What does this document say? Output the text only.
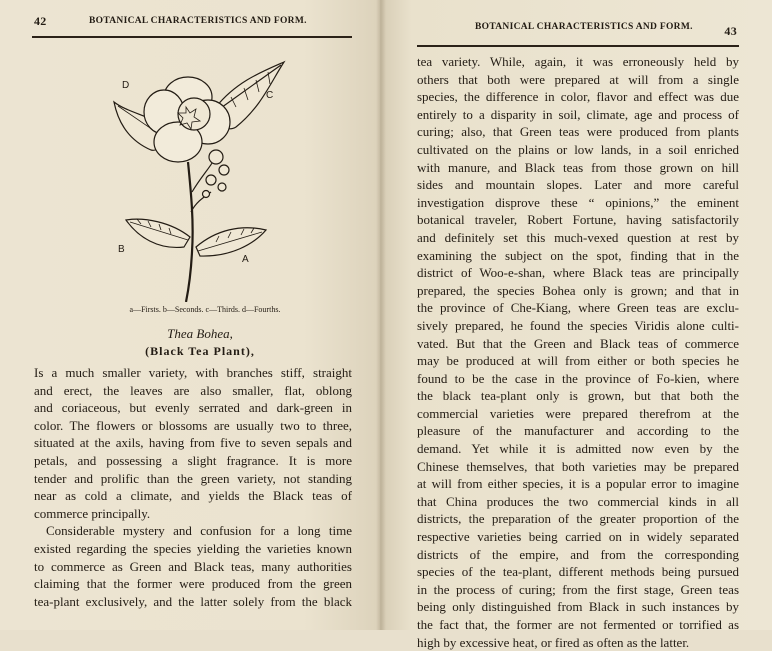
42	BOTANICAL CHARACTERISTICS AND FORM.
D
C
B
A
a—Firsts. b—Seconds. c—Thirds. d—Fourths.
Thea Bohea,
(Black Tea Plant),
Is a much smaller variety, with branches stiff, straight
and erect, the leaves are also smaller, flat, oblong
and coriaceous, but evenly serrated and dark-green in
color. The flowers or blossoms are usually two to three,
situated at the axils, having from five to seven sepals and
petals, and possessing a slight fragrance. It is more
tender and prolific than the green variety, not standing
near as cold a climate, and yields the Black teas of
commerce principally.
Considerable mystery and confusion for a long time
existed regarding the species yielding the varieties known
to commerce as Green and Black teas, many authorities
claiming that the former were produced from the green
tea-plant exclusively, and the latter solely from the black
BOTANICAL CHARACTERISTICS AND FORM.	43
tea variety. While, again, it was erroneously held by
others that both were prepared at will from a single
species, the difference in color, flavor and effect was due
entirely to a disparity in soil, climate, age and process of
curing; also, that Green teas were produced from plants
cultivated on the plains or low lands, in a soil enriched
with manure, and Black teas from those grown on hill
sides and mountain slopes. Later and more careful
investigation disprove these “ opinions,” the eminent
botanical traveler, Robert Fortune, having satisfactorily
and definitely set this much-vexed question at rest by
examining the subject on the spot, finding that in the
district of Woo-e-shan, where Black teas are principally
prepared, the species Bohea only is grown; and that in
the province of Che-Kiang, where Green teas are exclu-
sively prepared, he found the species Viridis alone culti-
vated. But that the Green and Black teas of commerce
may be produced at will from either or both species he
found to be the case in the province of Fo-kien, where
the black tea-plant only is grown, but that both the
commercial varieties were prepared therefrom at the
pleasure of the manufacturer and according to the
demand. Yet while it is admitted now even by the
Chinese themselves, that both varieties may be prepared
at will from either species, it is a popular error to imagine
that China produces the two commercial kinds in all
districts, the preparation of the greater proportion of the
respective varieties being carried on in widely separated
districts of the empire, and from the corresponding
species of the tea-plant, different methods being pursued
in the process of curing; from the first stage, Green teas
being only distinguished from Black in such instances by
the fact that, the former are not fermented or torrified as
high by excessive heat, or fired as often as the latter.
